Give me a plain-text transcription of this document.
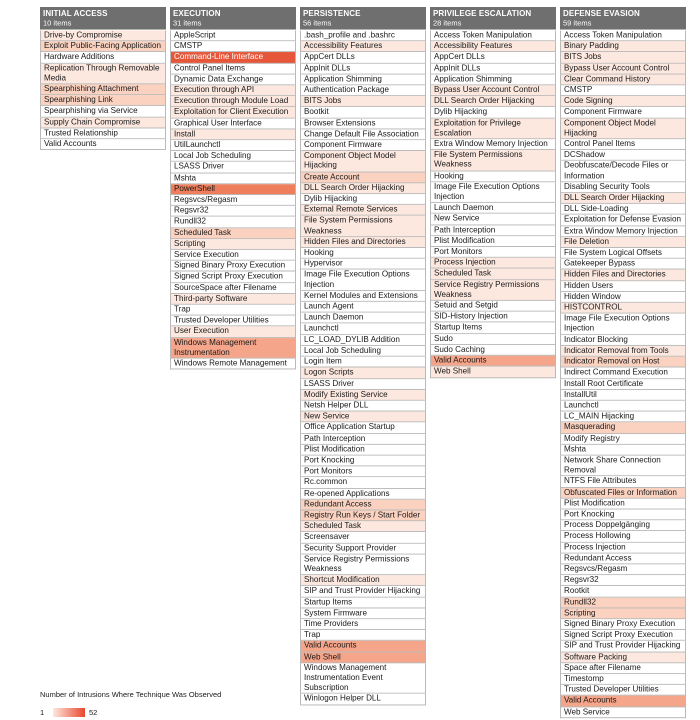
INITIAL ACCESS
10 items
Drive-by Compromise
Exploit Public-Facing Application
Hardware Additions
Replication Through Removable Media
Spearphishing Attachment
Spearphishing Link
Spearphishing via Service
Supply Chain Compromise
Trusted Relationship
Valid Accounts
EXECUTION
31 items
AppleScript
CMSTP
Command-Line Interface
Control Panel Items
Dynamic Data Exchange
Execution through API
Execution through Module Load
Exploitation for Client Execution
Graphical User Interface
Install
UtilLaunchctl
Local Job Scheduling
LSASS Driver
Mshta
PowerShell
Regsvcs/Regasm
Regsvr32
Rundll32
Scheduled Task
Scripting
Service Execution
Signed Binary Proxy Execution
Signed Script Proxy Execution
SourceSpace after Filename
Third-party Software
Trap
Trusted Developer Utilities
User Execution
Windows Management Instrumentation
Windows Remote Management
PERSISTENCE
56 items
.bash_profile and .bashrc
Accessibility Features
AppCert DLLs
AppInit DLLs
Application Shimming
Authentication Package
BITS Jobs
Bootkit
Browser Extensions
Change Default File Association
Component Firmware
Component Object Model Hijacking
Create Account
DLL Search Order Hijacking
Dylib Hijacking
External Remote Services
File System Permissions Weakness
Hidden Files and Directories
Hooking
Hypervisor
Image File Execution Options Injection
Kernel Modules and Extensions
Launch Agent
Launch Daemon
Launchctl
LC_LOAD_DYLIB Addition
Local Job Scheduling
Login Item
Logon Scripts
LSASS Driver
Modify Existing Service
Netsh Helper DLL
New Service
Office Application Startup
Path Interception
Plist Modification
Port Knocking
Port Monitors
Rc.common
Re-opened Applications
Redundant Access
Registry Run Keys / Start Folder
Scheduled Task
Screensaver
Security Support Provider
Service Registry Permissions Weakness
Shortcut Modification
SIP and Trust Provider Hijacking
Startup Items
System Firmware
Time Providers
Trap
Valid Accounts
Web Shell
Windows Management Instrumentation Event Subscription
Winlogon Helper DLL
PRIVILEGE ESCALATION
28 items
Access Token Manipulation
Accessibility Features
AppCert DLLs
AppInit DLLs
Application Shimming
Bypass User Account Control
DLL Search Order Hijacking
Dylib Hijacking
Exploitation for Privilege Escalation
Extra Window Memory Injection
File System Permissions Weakness
Hooking
Image File Execution Options Injection
Launch Daemon
New Service
Path Interception
Plist Modification
Port Monitors
Process Injection
Scheduled Task
Service Registry Permissions Weakness
Setuid and Setgid
SID-History Injection
Startup Items
Sudo
Sudo Caching
Valid Accounts
Web Shell
DEFENSE EVASION
59 items
Access Token Manipulation
Binary Padding
BITS Jobs
Bypass User Account Control
Clear Command History
CMSTP
Code Signing
Component Firmware
Component Object Model Hijacking
Control Panel Items
DCShadow
Deobfuscate/Decode Files or Information
Disabling Security Tools
DLL Search Order Hijacking
DLL Side-Loading
Exploitation for Defense Evasion
Extra Window Memory Injection
File Deletion
File System Logical Offsets
Gatekeeper Bypass
Hidden Files and Directories
Hidden Users
Hidden Window
HISTCONTROL
Image File Execution Options Injection
Indicator Blocking
Indicator Removal from Tools
Indicator Removal on Host
Indirect Command Execution
Install Root Certificate
InstallUtil
Launchctl
LC_MAIN Hijacking
Masquerading
Modify Registry
Mshta
Network Share Connection Removal
NTFS File Attributes
Obfuscated Files or Information
Plist Modification
Port Knocking
Process Doppelgänging
Process Hollowing
Process Injection
Redundant Access
Regsvcs/Regasm
Regsvr32
Rootkit
Rundll32
Scripting
Signed Binary Proxy Execution
Signed Script Proxy Execution
SIP and Trust Provider Hijacking
Software Packing
Space after Filename
Timestomp
Trusted Developer Utilities
Valid Accounts
Web Service
Number of Intrusions Where Technique Was Observed
1	52
